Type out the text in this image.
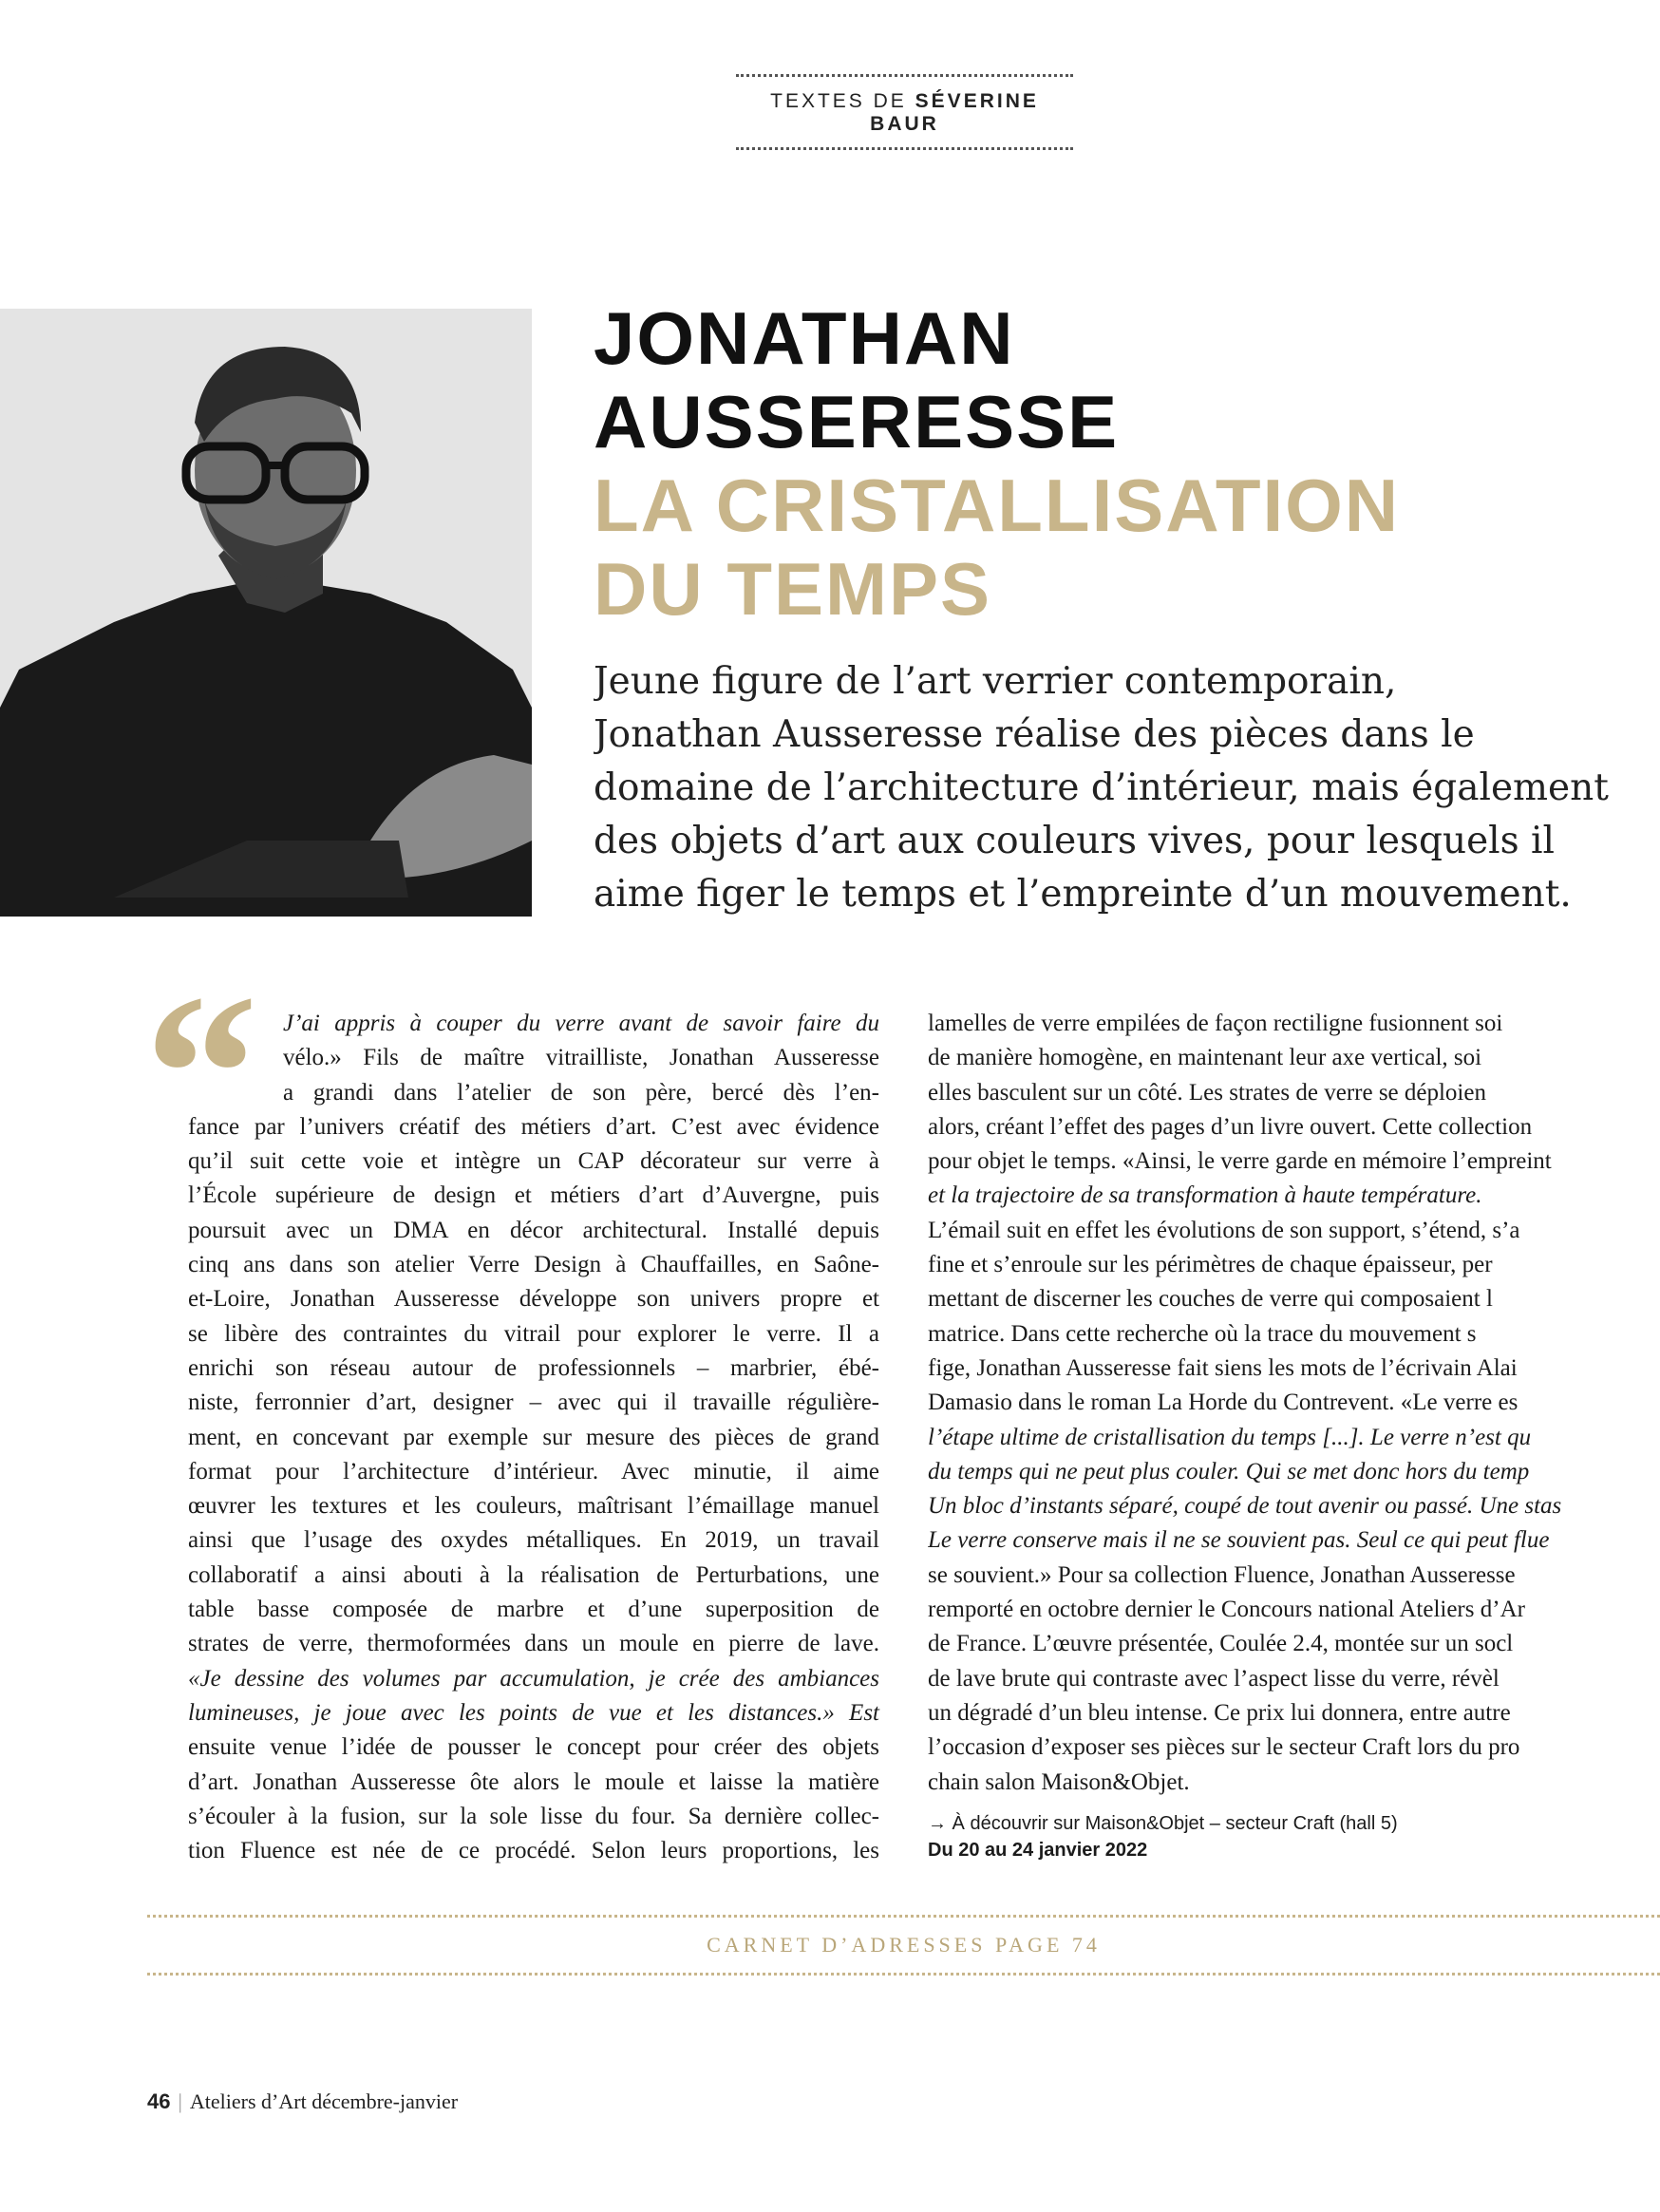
TEXTES DE SÉVERINE BAUR
JONATHAN
AUSSERESSE
LA CRISTALLISATION
DU TEMPS

Jeune figure de l’art verrier contemporain,
Jonathan Ausseresse réalise des pièces dans le
domaine de l’architecture d’intérieur, mais également
des objets d’art aux couleurs vives, pour lesquels il
aime figer le temps et l’empreinte d’un mouvement.

“	J’ai appris à couper du verre avant de savoir faire du
vélo.» Fils de maître vitrailliste, Jonathan Ausseresse
a grandi dans l’atelier de son père, bercé dès l’en-
fance par l’univers créatif des métiers d’art. C’est avec évidence
qu’il suit cette voie et intègre un CAP décorateur sur verre à
l’École supérieure de design et métiers d’art d’Auvergne, puis
poursuit avec un DMA en décor architectural. Installé depuis
cinq ans dans son atelier Verre Design à Chauffailles, en Saône-
et-Loire, Jonathan Ausseresse développe son univers propre et
se libère des contraintes du vitrail pour explorer le verre. Il a
enrichi son réseau autour de professionnels – marbrier, ébé-
niste, ferronnier d’art, designer – avec qui il travaille régulière-
ment, en concevant par exemple sur mesure des pièces de grand
format pour l’architecture d’intérieur. Avec minutie, il aime
œuvrer les textures et les couleurs, maîtrisant l’émaillage manuel
ainsi que l’usage des oxydes métalliques. En 2019, un travail
collaboratif a ainsi abouti à la réalisation de Perturbations, une
table basse composée de marbre et d’une superposition de
strates de verre, thermoformées dans un moule en pierre de lave.
«Je dessine des volumes par accumulation, je crée des ambiances
lumineuses, je joue avec les points de vue et les distances.» Est
ensuite venue l’idée de pousser le concept pour créer des objets
d’art. Jonathan Ausseresse ôte alors le moule et laisse la matière
s’écouler à la fusion, sur la sole lisse du four. Sa dernière collec-
tion Fluence est née de ce procédé. Selon leurs proportions, les
lamelles de verre empilées de façon rectiligne fusionnent soi
de manière homogène, en maintenant leur axe vertical, soi
elles basculent sur un côté. Les strates de verre se déploien
alors, créant l’effet des pages d’un livre ouvert. Cette collection
pour objet le temps. «Ainsi, le verre garde en mémoire l’empreint
et la trajectoire de sa transformation à haute température.
L’émail suit en effet les évolutions de son support, s’étend, s’a
fine et s’enroule sur les périmètres de chaque épaisseur, per
mettant de discerner les couches de verre qui composaient l
matrice. Dans cette recherche où la trace du mouvement s
fige, Jonathan Ausseresse fait siens les mots de l’écrivain Alai
Damasio dans le roman La Horde du Contrevent. «Le verre es
l’étape ultime de cristallisation du temps [...]. Le verre n’est qu
du temps qui ne peut plus couler. Qui se met donc hors du temp
Un bloc d’instants séparé, coupé de tout avenir ou passé. Une stas
Le verre conserve mais il ne se souvient pas. Seul ce qui peut flue
se souvient.» Pour sa collection Fluence, Jonathan Ausseresse
remporté en octobre dernier le Concours national Ateliers d’Ar
de France. L’œuvre présentée, Coulée 2.4, montée sur un socl
de lave brute qui contraste avec l’aspect lisse du verre, révèl
un dégradé d’un bleu intense. Ce prix lui donnera, entre autre
l’occasion d’exposer ses pièces sur le secteur Craft lors du pro
chain salon Maison&Objet.
→ À découvrir sur Maison&Objet – secteur Craft (hall 5)
Du 20 au 24 janvier 2022
CARNET D’ADRESSES PAGE 74
46 | Ateliers d’Art décembre-janvier
